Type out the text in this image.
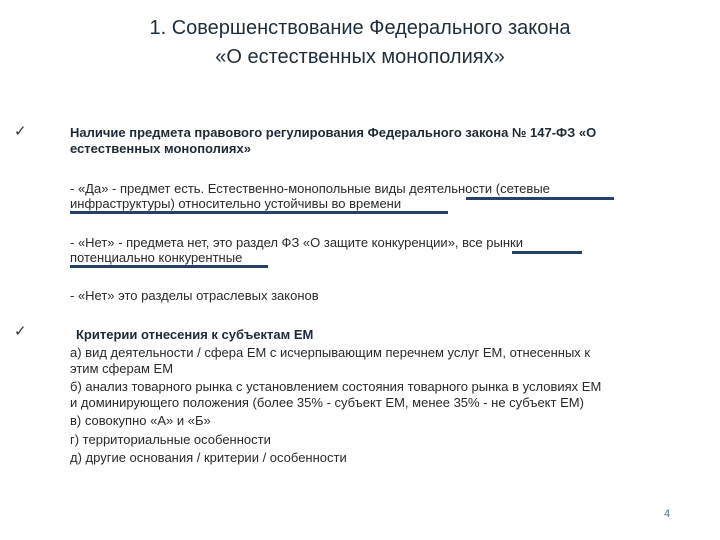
1. Совершенствование Федерального закона
«О естественных монополиях»
✓	Наличие предмета правового регулирования Федерального закона № 147-ФЗ «О
естественных монополиях»
- «Да» - предмет есть. Естественно-монопольные виды деятельности (сетевые
инфраструктуры) относительно устойчивы во времени
- «Нет» - предмета нет, это раздел ФЗ «О защите конкуренции», все рынки
потенциально конкурентные
- «Нет» это разделы отраслевых законов
✓	Критерии отнесения к субъектам ЕМ
а) вид деятельности / сфера ЕМ с исчерпывающим перечнем услуг ЕМ, отнесенных к
этим сферам ЕМ
б) анализ товарного рынка с установлением состояния товарного рынка в условиях ЕМ
и доминирующего положения (более 35% - субъект ЕМ, менее 35% - не субъект ЕМ)
в) совокупно «А» и «Б»
г) территориальные особенности
д) другие основания / критерии / особенности
4
